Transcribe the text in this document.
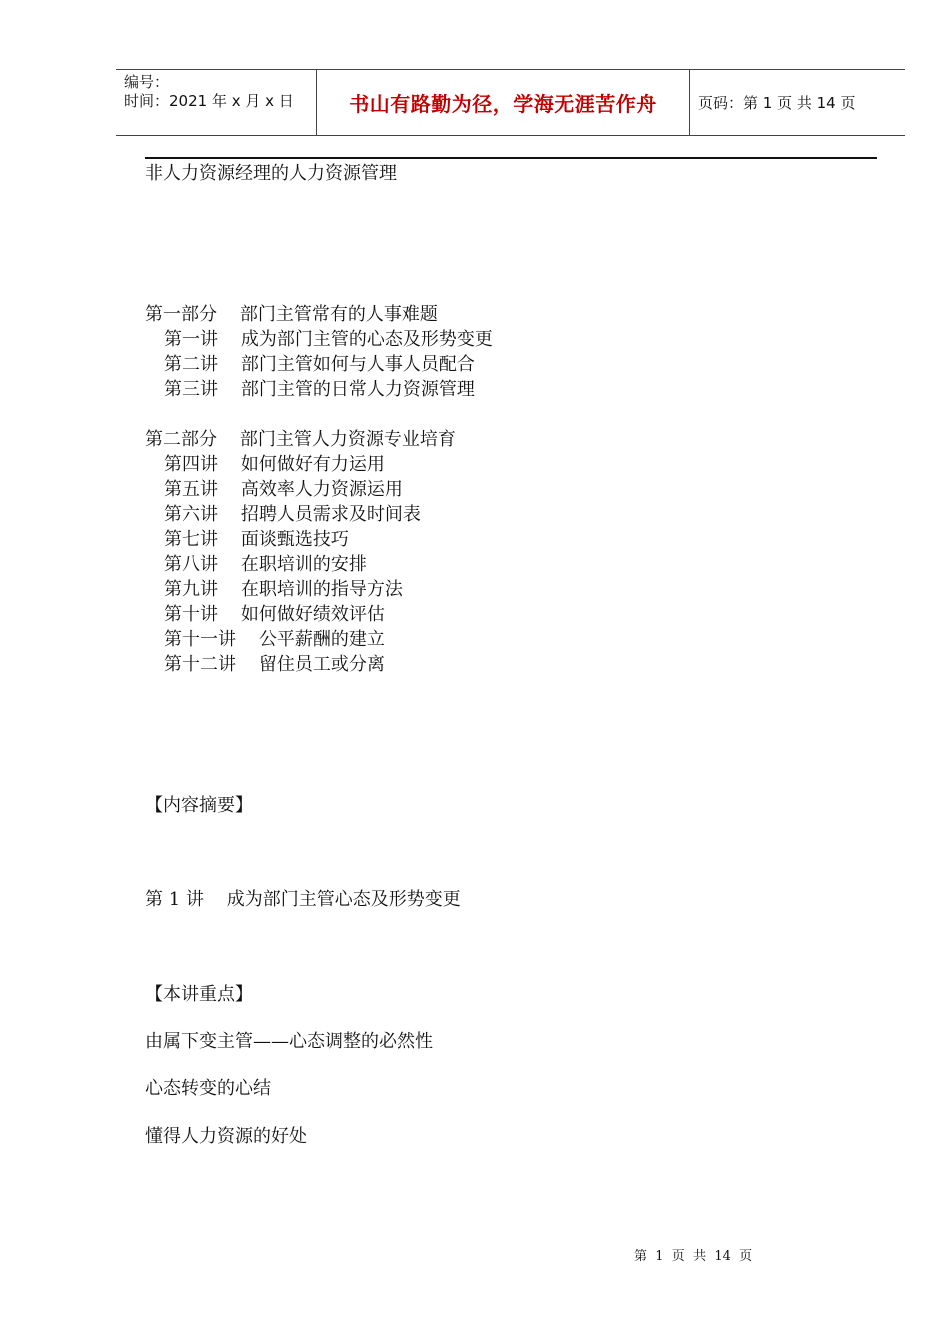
编号：
时间：2021 年 x 月 x 日	书山有路勤为径，学海无涯苦作舟	页码：第 1 页 共 14 页
非人力资源经理的人力资源管理
第一部分    部门主管常有的人事难题
第一讲    成为部门主管的心态及形势变更
第二讲    部门主管如何与人事人员配合
第三讲    部门主管的日常人力资源管理
第二部分    部门主管人力资源专业培育
第四讲    如何做好有力运用
第五讲    高效率人力资源运用
第六讲    招聘人员需求及时间表
第七讲    面谈甄选技巧
第八讲    在职培训的安排
第九讲    在职培训的指导方法
第十讲    如何做好绩效评估
第十一讲    公平薪酬的建立
第十二讲    留住员工或分离
【内容摘要】
第 1 讲    成为部门主管心态及形势变更
【本讲重点】
由属下变主管——心态调整的必然性
心态转变的心结
懂得人力资源的好处
第  1  页  共  14  页
